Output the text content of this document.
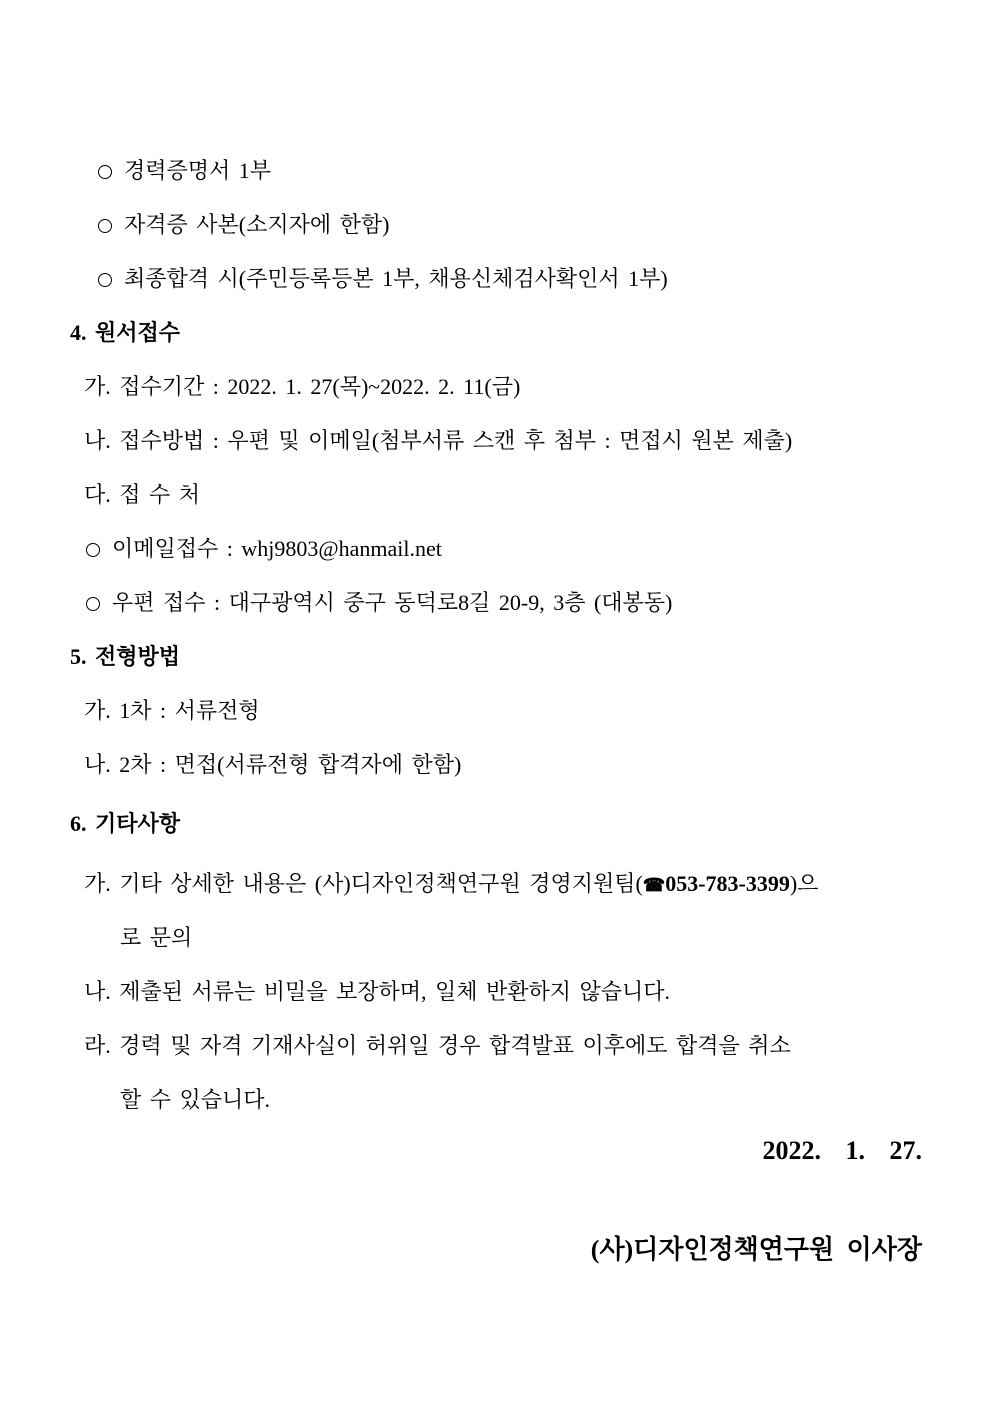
경력증명서 1부
자격증 사본(소지자에 한함)
최종합격 시(주민등록등본 1부, 채용신체검사확인서 1부)
4. 원서접수
가. 접수기간 : 2022. 1. 27(목)~2022. 2. 11(금)
나. 접수방법 : 우편 및 이메일(첨부서류 스캔 후 첨부 : 면접시 원본 제출)
다. 접 수 처
이메일접수 : whj9803@hanmail.net
우편 접수 : 대구광역시 중구 동덕로8길 20-9, 3층 (대봉동)
5. 전형방법
가. 1차 : 서류전형
나. 2차 : 면접(서류전형 합격자에 한함)
6. 기타사항
가. 기타 상세한 내용은 (사)디자인정책연구원 경영지원팀(☎053-783-3399)으
로 문의
나. 제출된 서류는 비밀을 보장하며, 일체 반환하지 않습니다.
라. 경력 및 자격 기재사실이 허위일 경우 합격발표 이후에도 합격을 취소
할 수 있습니다.
2022. 1. 27.
(사)디자인정책연구원 이사장
